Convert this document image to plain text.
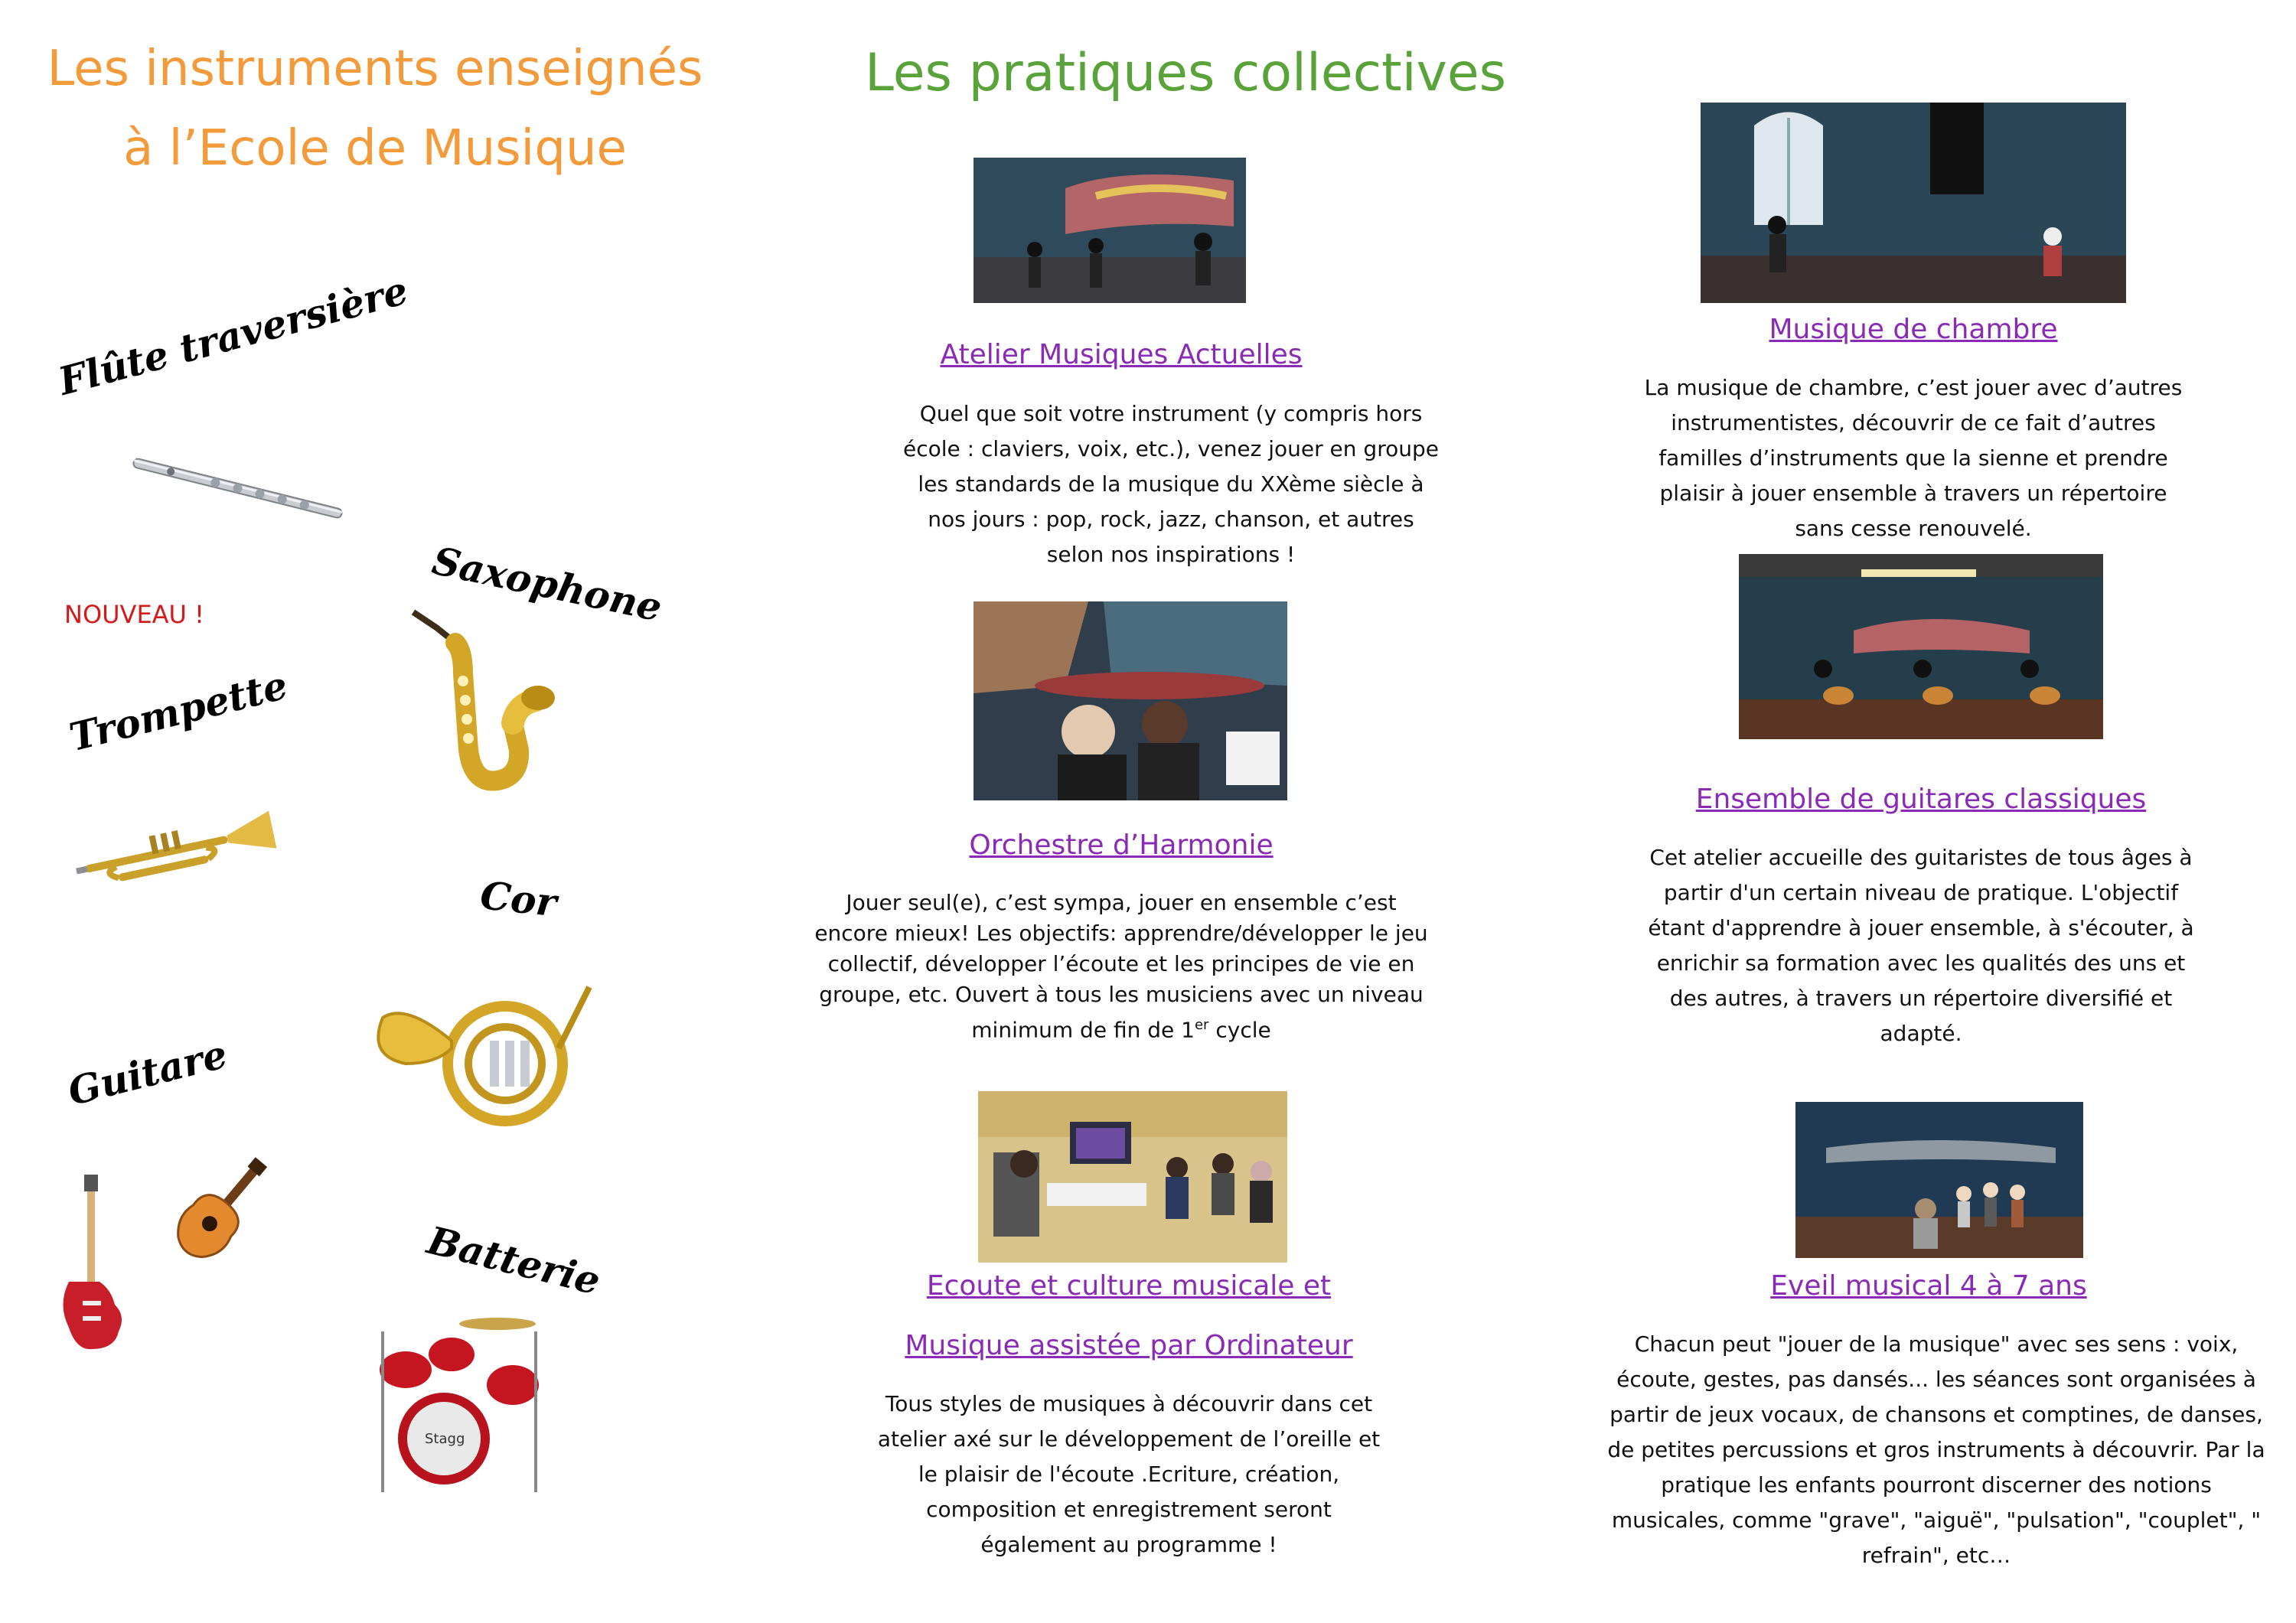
Les instruments enseignés
à l’Ecole de Musique
Flûte traversière
Saxophone
NOUVEAU !
Trompette
Cor
Guitare
Batterie
Stagg
Les pratiques collectives
Atelier Musiques Actuelles
Quel que soit votre instrument (y compris hors école : claviers, voix, etc.), venez jouer en groupe les standards de la musique du XXème siècle à nos jours : pop, rock, jazz, chanson, et autres selon nos inspirations !
Musique de chambre
La musique de chambre, c’est jouer avec d’autres instrumentistes, découvrir de ce fait d’autres familles d’instruments que la sienne et prendre plaisir à jouer ensemble à travers un répertoire sans cesse renouvelé.
Orchestre d’Harmonie
Jouer seul(e), c’est sympa, jouer en ensemble c’est encore mieux! Les objectifs: apprendre/développer le jeu collectif, développer l’écoute et les principes de vie en groupe, etc. Ouvert à tous les musiciens avec un niveau minimum de fin de 1er cycle
Ensemble de guitares classiques
Cet atelier accueille des guitaristes de tous âges à partir d'un certain niveau de pratique. L'objectif étant d'apprendre à jouer ensemble, à s'écouter, à enrichir sa formation avec les qualités des uns et des autres, à travers un répertoire diversifié et adapté.
Ecoute et culture musicale et
Musique assistée par Ordinateur
Tous styles de musiques à découvrir dans cet atelier axé sur le développement de l’oreille et le plaisir de l'écoute .Ecriture, création, composition et enregistrement seront également au programme !
Eveil musical 4 à 7 ans
Chacun peut "jouer de la musique" avec ses sens : voix, écoute, gestes, pas dansés... les séances sont organisées à partir de jeux vocaux, de chansons et comptines, de danses, de petites percussions et gros instruments à découvrir. Par la pratique les enfants pourront discerner des notions musicales, comme "grave", "aiguë", "pulsation", "couplet", " refrain", etc…
